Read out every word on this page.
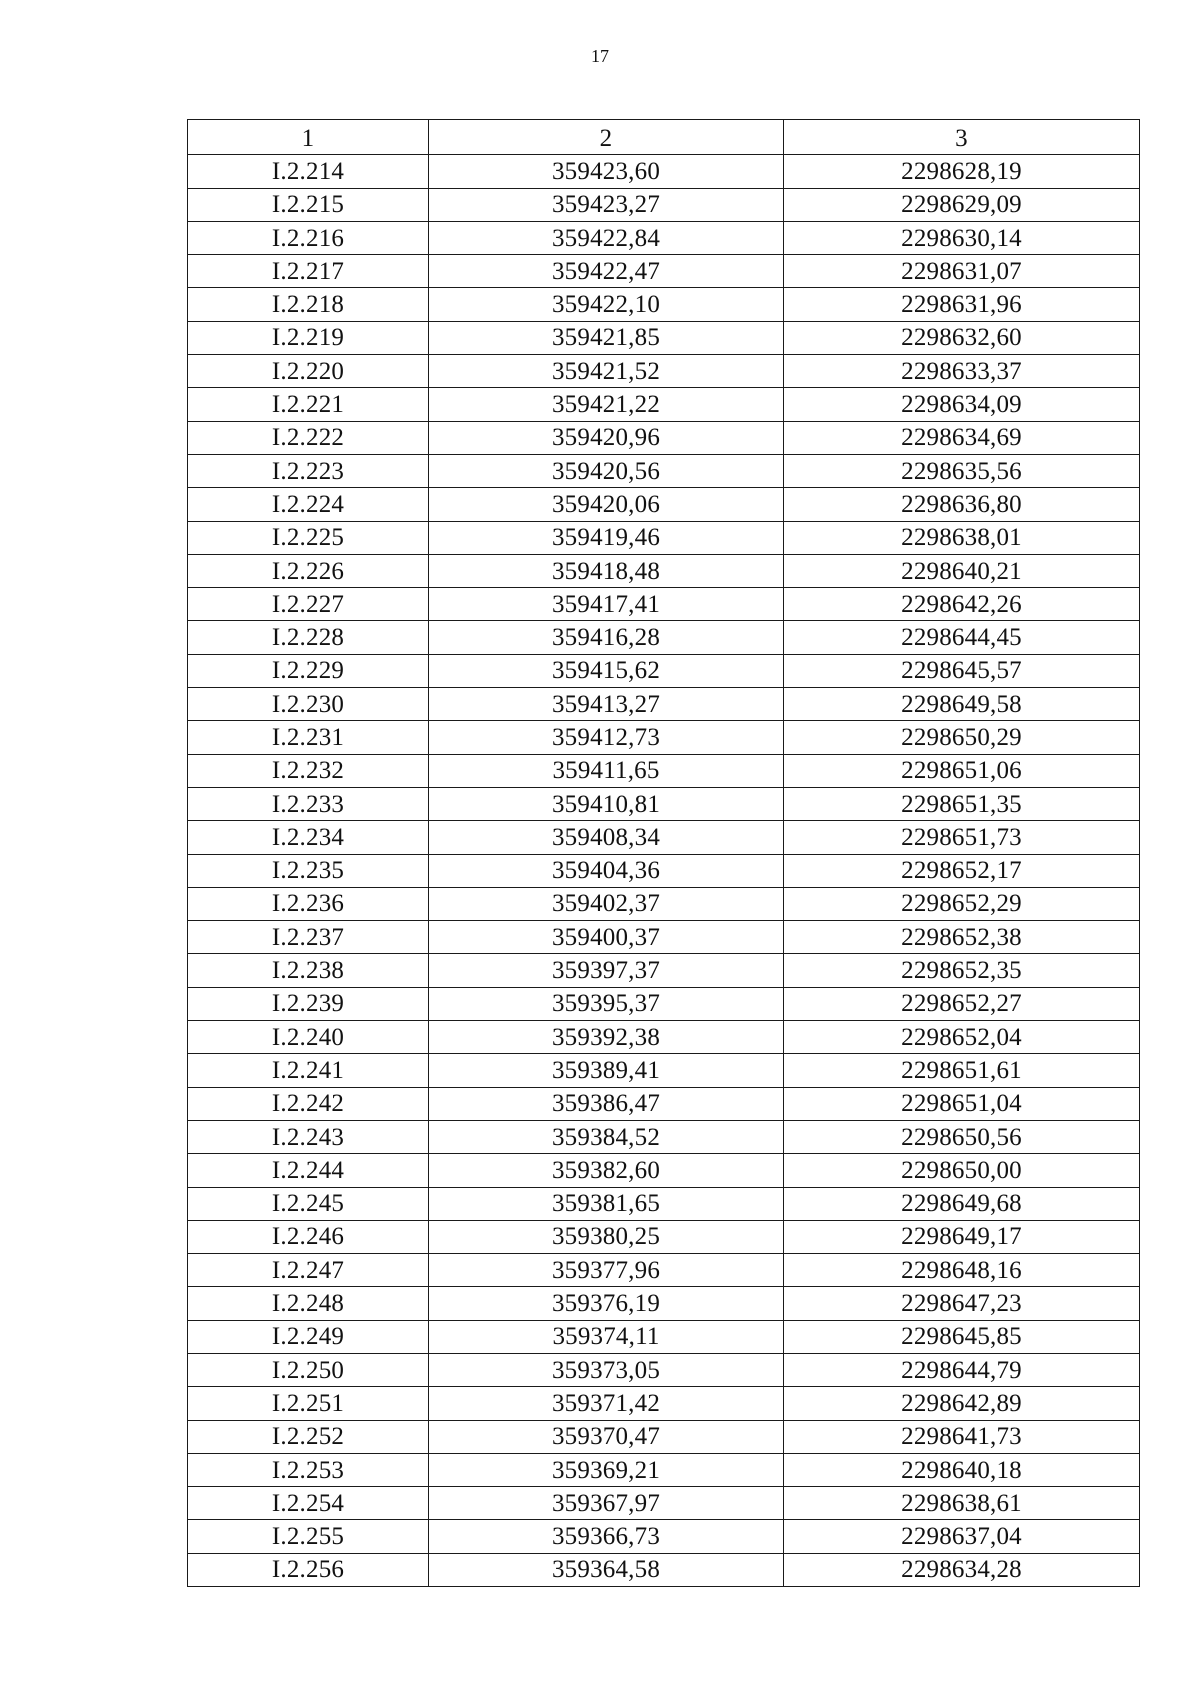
17
1	2	3
I.2.214	359423,60	2298628,19
I.2.215	359423,27	2298629,09
I.2.216	359422,84	2298630,14
I.2.217	359422,47	2298631,07
I.2.218	359422,10	2298631,96
I.2.219	359421,85	2298632,60
I.2.220	359421,52	2298633,37
I.2.221	359421,22	2298634,09
I.2.222	359420,96	2298634,69
I.2.223	359420,56	2298635,56
I.2.224	359420,06	2298636,80
I.2.225	359419,46	2298638,01
I.2.226	359418,48	2298640,21
I.2.227	359417,41	2298642,26
I.2.228	359416,28	2298644,45
I.2.229	359415,62	2298645,57
I.2.230	359413,27	2298649,58
I.2.231	359412,73	2298650,29
I.2.232	359411,65	2298651,06
I.2.233	359410,81	2298651,35
I.2.234	359408,34	2298651,73
I.2.235	359404,36	2298652,17
I.2.236	359402,37	2298652,29
I.2.237	359400,37	2298652,38
I.2.238	359397,37	2298652,35
I.2.239	359395,37	2298652,27
I.2.240	359392,38	2298652,04
I.2.241	359389,41	2298651,61
I.2.242	359386,47	2298651,04
I.2.243	359384,52	2298650,56
I.2.244	359382,60	2298650,00
I.2.245	359381,65	2298649,68
I.2.246	359380,25	2298649,17
I.2.247	359377,96	2298648,16
I.2.248	359376,19	2298647,23
I.2.249	359374,11	2298645,85
I.2.250	359373,05	2298644,79
I.2.251	359371,42	2298642,89
I.2.252	359370,47	2298641,73
I.2.253	359369,21	2298640,18
I.2.254	359367,97	2298638,61
I.2.255	359366,73	2298637,04
I.2.256	359364,58	2298634,28
